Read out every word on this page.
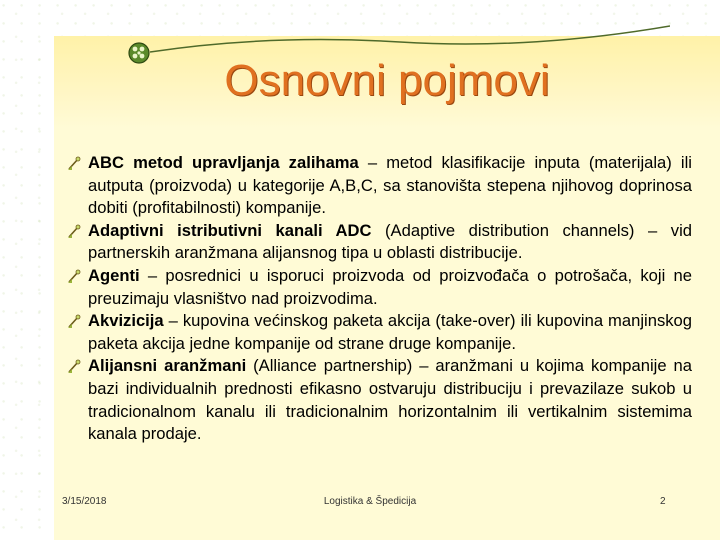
Osnovni pojmovi

ABC metod upravljanja zalihama – metod klasifikacije inputa (materijala) ili autputa (proizvoda) u kategorije A,B,C, sa stanovišta stepena njihovog doprinosa dobiti (profitabilnosti) kompanije.

Adaptivni istributivni kanali ADC (Adaptive distribution channels) – vid partnerskih aranžmana alijansnog tipa u oblasti distribucije.

Agenti – posrednici u isporuci proizvoda od proizvođača o potrošača, koji ne preuzimaju vlasništvo nad proizvodima.

Akvizicija – kupovina većinskog paketa akcija (take-over) ili kupovina manjinskog paketa akcija jedne kompanije od strane druge kompanije.

Alijansni aranžmani (Alliance partnership) – aranžmani u kojima kompanije na bazi individualnih prednosti efikasno ostvaruju distribuciju i prevazilaze sukob u tradicionalnom kanalu ili tradicionalnim horizontalnim ili vertikalnim sistemima kanala prodaje.

3/15/2018	Logistika & Špedicija	2
